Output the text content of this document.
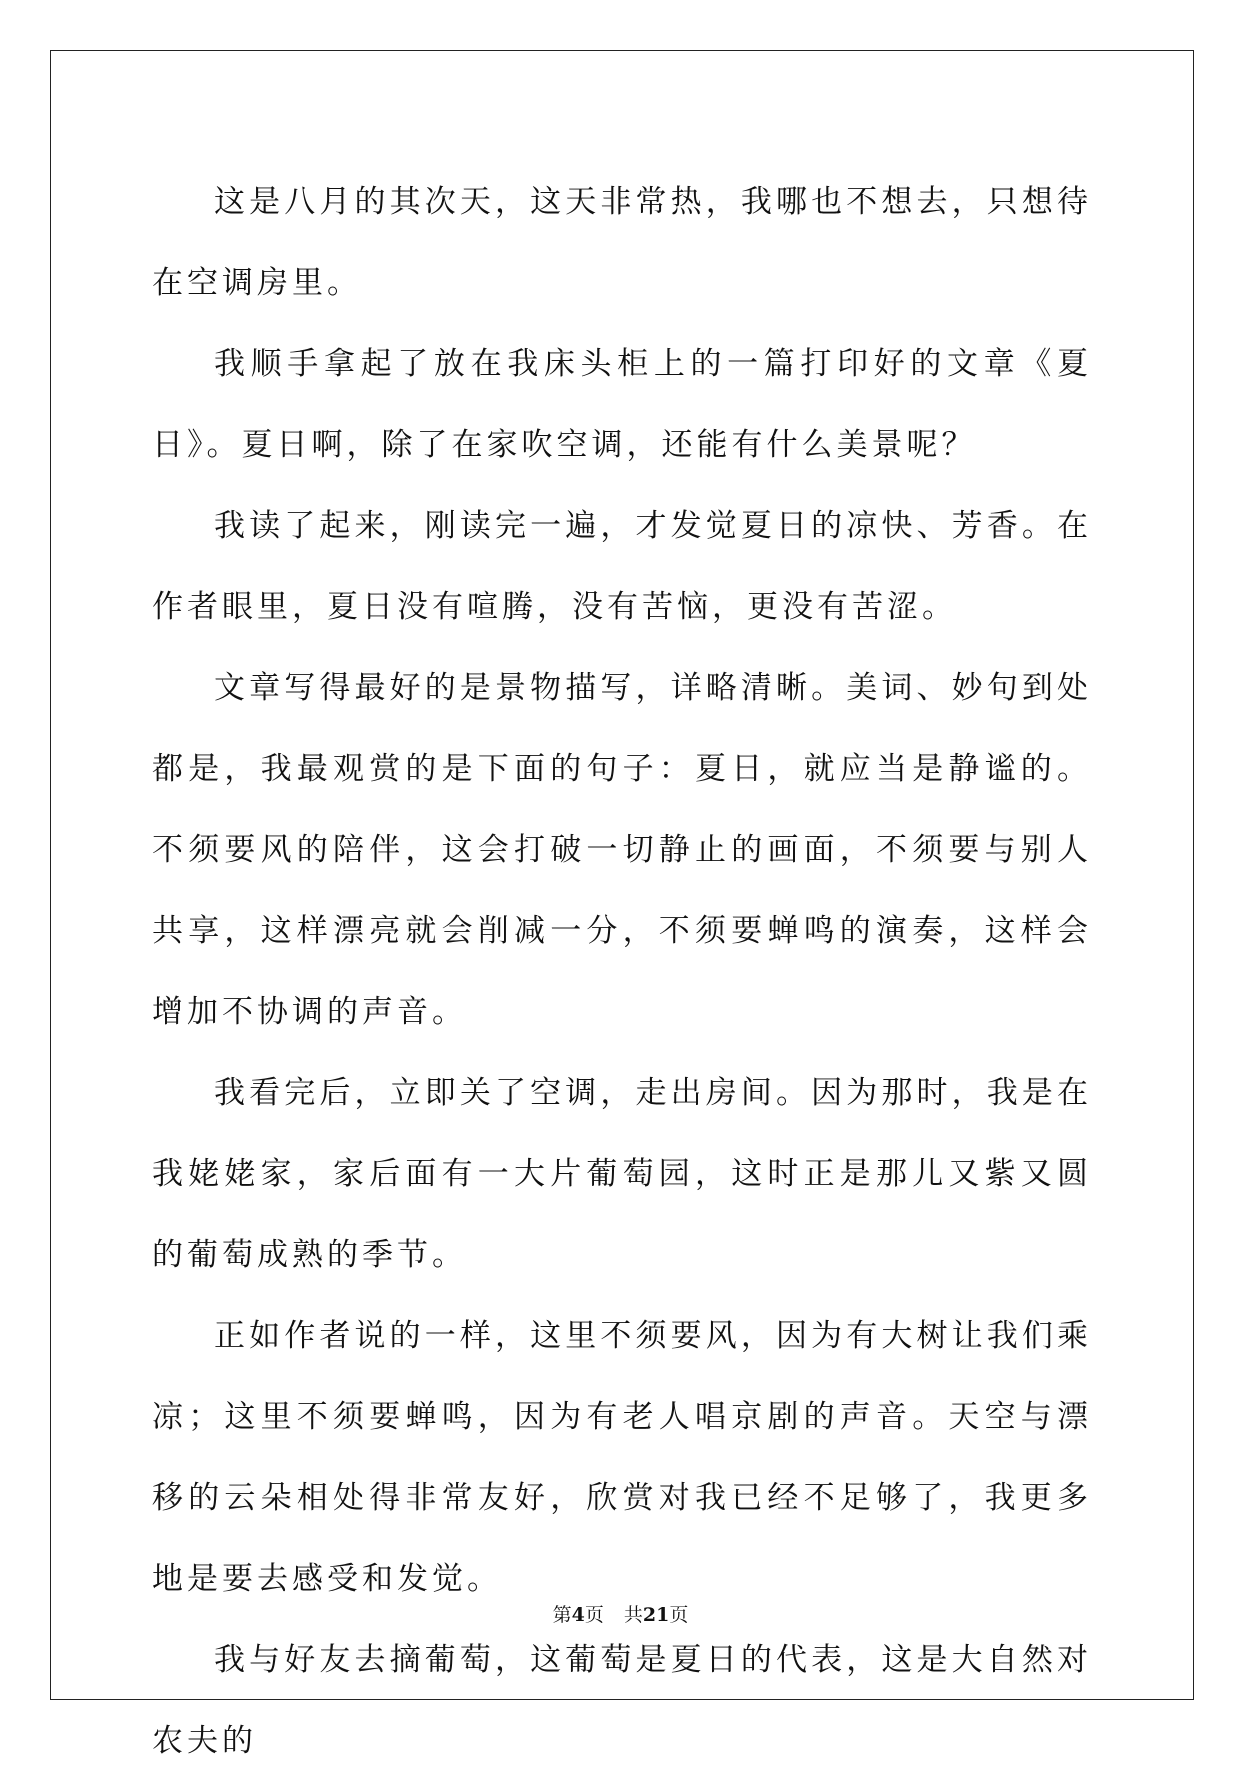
这是八月的其次天，这天非常热，我哪也不想去，只想待在空调房里。

我顺手拿起了放在我床头柜上的一篇打印好的文章《夏日》。夏日啊，除了在家吹空调，还能有什么美景呢？

我读了起来，刚读完一遍，才发觉夏日的凉快、芳香。在作者眼里，夏日没有喧腾，没有苦恼，更没有苦涩。

文章写得最好的是景物描写，详略清晰。美词、妙句到处都是，我最观赏的是下面的句子：夏日，就应当是静谧的。不须要风的陪伴，这会打破一切静止的画面，不须要与别人共享，这样漂亮就会削减一分，不须要蝉鸣的演奏，这样会增加不协调的声音。

我看完后，立即关了空调，走出房间。因为那时，我是在我姥姥家，家后面有一大片葡萄园，这时正是那儿又紫又圆的葡萄成熟的季节。

正如作者说的一样，这里不须要风，因为有大树让我们乘凉；这里不须要蝉鸣，因为有老人唱京剧的声音。天空与漂移的云朵相处得非常友好，欣赏对我已经不足够了，我更多地是要去感受和发觉。

我与好友去摘葡萄，这葡萄是夏日的代表，这是大自然对农夫的

第4页 共21页
